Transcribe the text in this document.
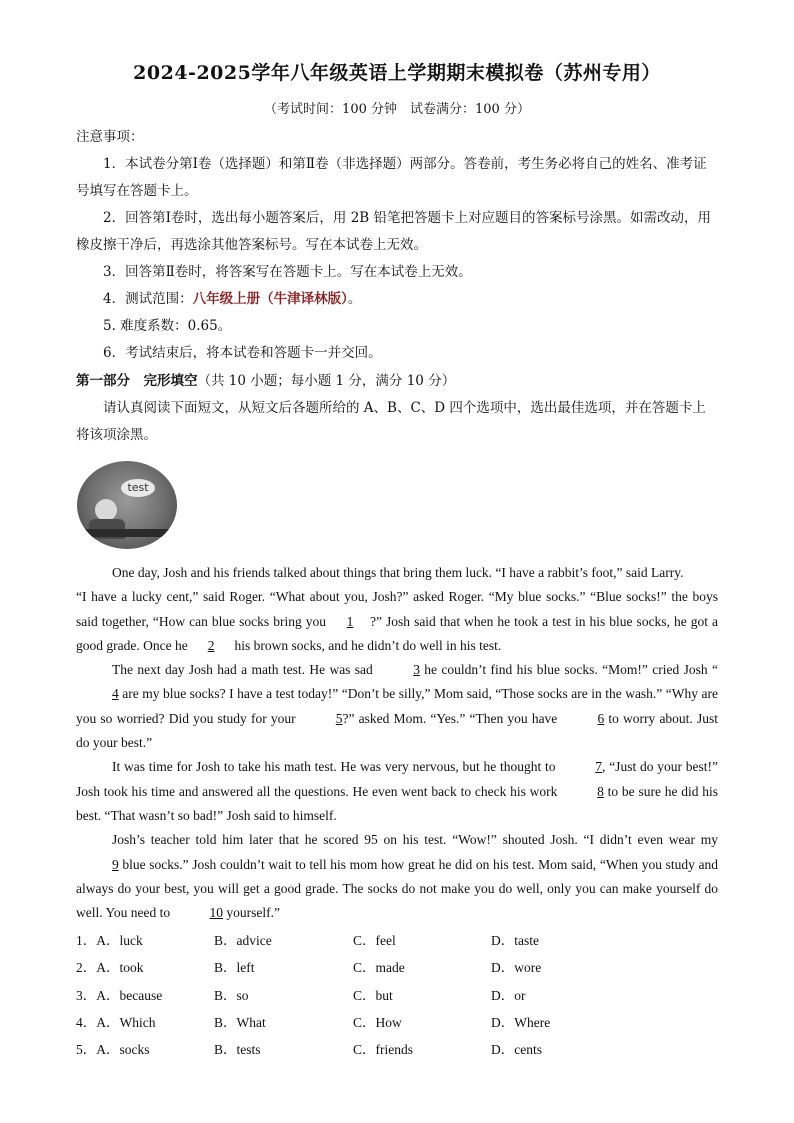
2024-2025学年八年级英语上学期期末模拟卷（苏州专用）
（考试时间：100 分钟　试卷满分：100 分）

注意事项：

1．本试卷分第Ⅰ卷（选择题）和第Ⅱ卷（非选择题）两部分。答卷前，考生务必将自己的姓名、准考证号填写在答题卡上。

2．回答第Ⅰ卷时，选出每小题答案后，用 2B 铅笔把答题卡上对应题目的答案标号涂黑。如需改动，用橡皮擦干净后，再选涂其他答案标号。写在本试卷上无效。

3．回答第Ⅱ卷时，将答案写在答题卡上。写在本试卷上无效。

4．测试范围：八年级上册（牛津译林版）。

5. 难度系数：0.65。

6．考试结束后，将本试卷和答题卡一并交回。

第一部分　完形填空（共 10 小题；每小题 1 分，满分 10 分）

请认真阅读下面短文，从短文后各题所给的 A、B、C、D 四个选项中，选出最佳选项，并在答题卡上将该项涂黑。

test

One day, Josh and his friends talked about things that bring them luck. “I have a rabbit’s foot,” said Larry.

“I have a lucky cent,” said Roger. “What about you, Josh?” asked Roger. “My blue socks.” “Blue socks!” the boys said together, “How can blue socks bring you 1 ?” Josh said that when he took a test in his blue socks, he got a good grade. Once he 2 his brown socks, and he didn’t do well in his test.

The next day Josh had a math test. He was sad	3 he couldn’t find his blue socks. “Mom!” cried Josh “4 are my blue socks? I have a test today!” “Don’t be silly,” Mom said, “Those socks are in the wash.” “Why are you so worried? Did you study for your	5?” asked Mom. “Yes.” “Then you have	6 to worry about. Just do your best.”

It was time for Josh to take his math test. He was very nervous, but he thought to	7, “Just do your best!” Josh took his time and answered all the questions. He even went back to check his work	8 to be sure he did his best. “That wasn’t so bad!” Josh said to himself.

Josh’s teacher told him later that he scored 95 on his test. “Wow!” shouted Josh. “I didn’t even wear my 9 blue socks.” Josh couldn’t wait to tell his mom how great he did on his test. Mom said, “When you study and always do your best, you will get a good grade. The socks do not make you do well, only you can make yourself do well. You need to	10 yourself.”

1．A．luck	B．advice	C．feel	D．taste
2．A．took	B．left	C．made	D．wore
3．A．because	B．so	C．but	D．or
4．A．Which	B．What	C．How	D．Where
5．A．socks	B．tests	C．friends	D．cents
